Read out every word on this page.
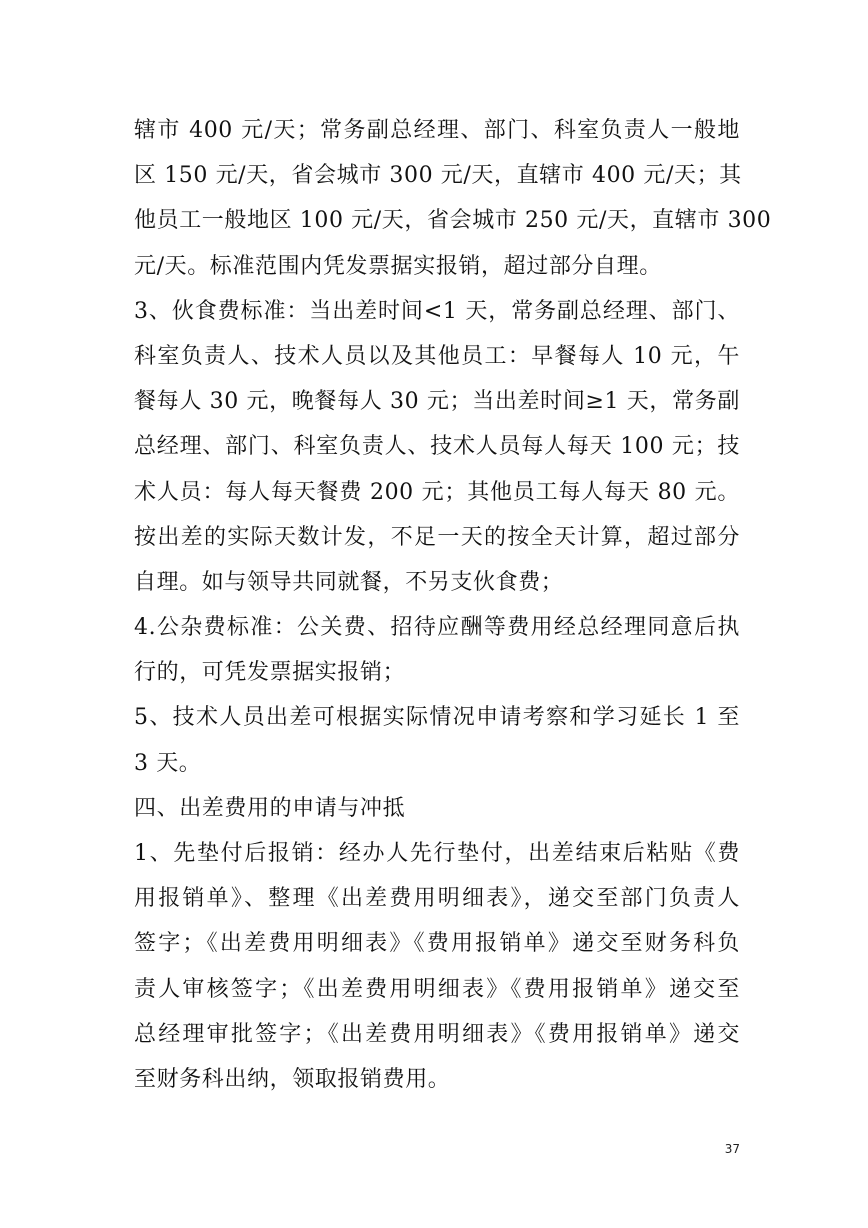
辖市 400 元/天；常务副总经理、部门、科室负责人一般地
区 150 元/天，省会城市 300 元/天，直辖市 400 元/天；其
他员工一般地区 100 元/天，省会城市 250 元/天，直辖市 300
元/天。标准范围内凭发票据实报销，超过部分自理。
3、伙食费标准：当出差时间<1 天，常务副总经理、部门、
科室负责人、技术人员以及其他员工：早餐每人 10 元，午
餐每人 30 元，晚餐每人 30 元；当出差时间≥1 天，常务副
总经理、部门、科室负责人、技术人员每人每天 100 元；技
术人员：每人每天餐费 200 元；其他员工每人每天 80 元。
按出差的实际天数计发，不足一天的按全天计算，超过部分
自理。如与领导共同就餐，不另支伙食费；
4.公杂费标准：公关费、招待应酬等费用经总经理同意后执
行的，可凭发票据实报销；
5、技术人员出差可根据实际情况申请考察和学习延长 1 至
3 天。
四、出差费用的申请与冲抵
1、先垫付后报销：经办人先行垫付，出差结束后粘贴《费
用报销单》、整理《出差费用明细表》，递交至部门负责人
签字；《出差费用明细表》《费用报销单》递交至财务科负
责人审核签字；《出差费用明细表》《费用报销单》递交至
总经理审批签字；《出差费用明细表》《费用报销单》递交
至财务科出纳，领取报销费用。
37
